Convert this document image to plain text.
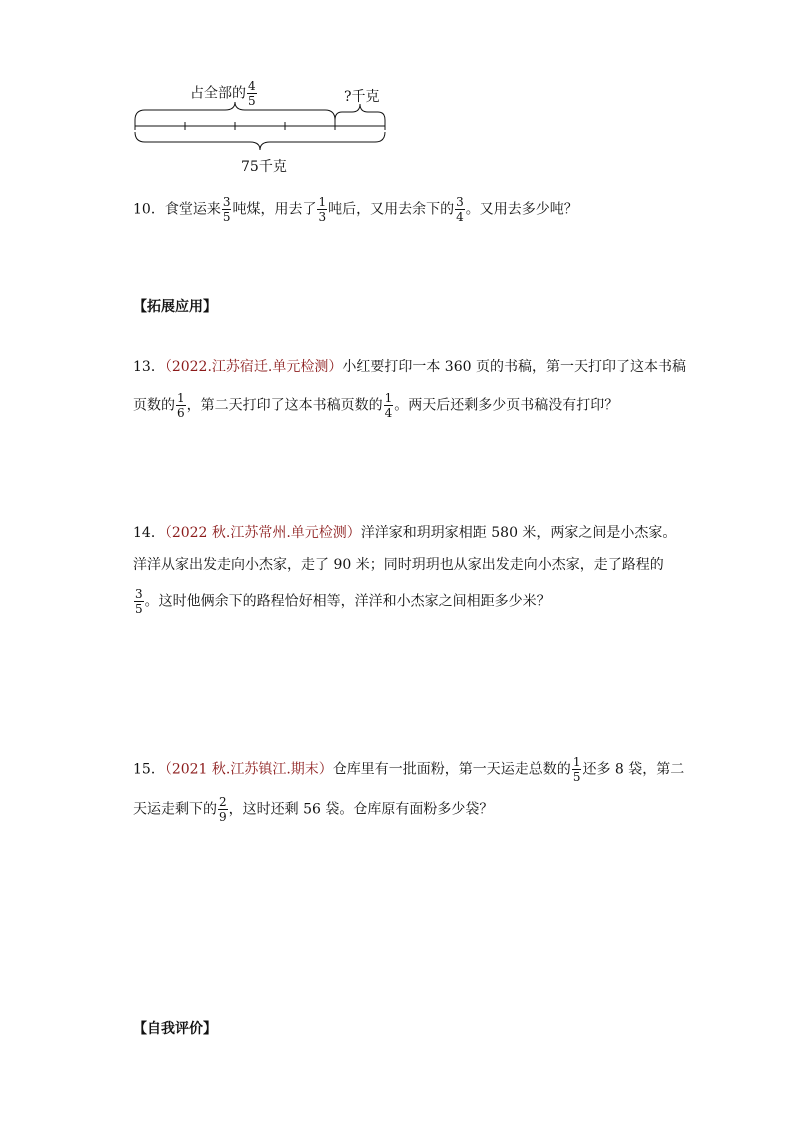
占全部的 $\frac{4}{5}$	?千克
75千克
10．食堂运来 $\frac{3}{5}$ 吨煤，用去了 $\frac{1}{3}$ 吨后，又用去余下的 $\frac{3}{4}$ 。又用去多少吨？
【拓展应用】
13．（2022.江苏宿迁.单元检测）小红要打印一本 360 页的书稿，第一天打印了这本书稿
页数的 $\frac{1}{6}$ ，第二天打印了这本书稿页数的 $\frac{1}{4}$ 。两天后还剩多少页书稿没有打印？
14．（2022 秋.江苏常州.单元检测）洋洋家和玥玥家相距 580 米，两家之间是小杰家。
洋洋从家出发走向小杰家，走了 90 米；同时玥玥也从家出发走向小杰家，走了路程的
$\frac{3}{5}$ 。这时他俩余下的路程恰好相等，洋洋和小杰家之间相距多少米？
15．（2021 秋.江苏镇江.期末）仓库里有一批面粉，第一天运走总数的 $\frac{1}{5}$ 还多 8 袋，第二
天运走剩下的 $\frac{2}{9}$ ，这时还剩 56 袋。仓库原有面粉多少袋？
【自我评价】
